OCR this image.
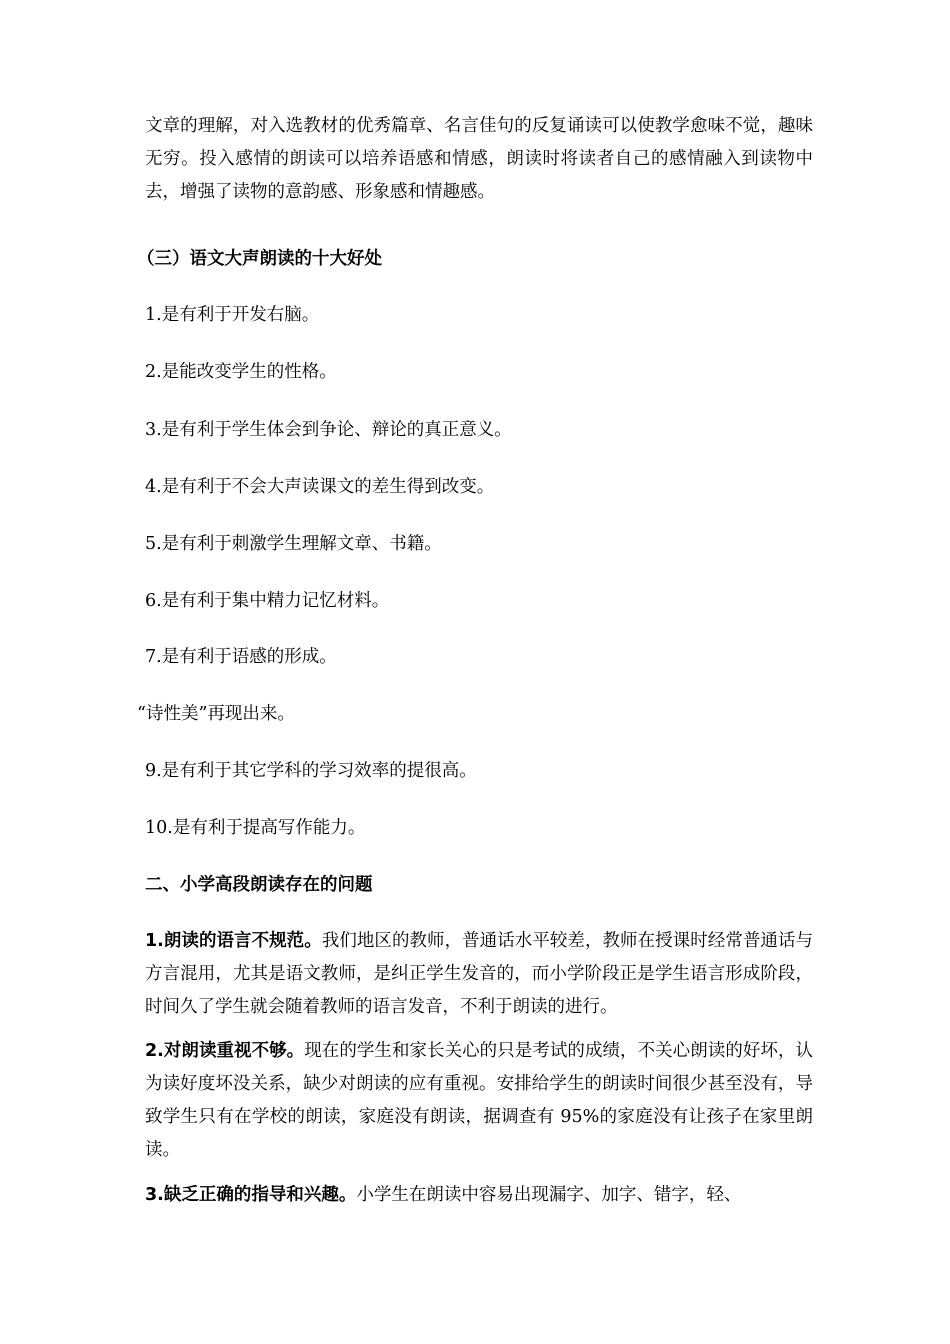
文章的理解，对入选教材的优秀篇章、名言佳句的反复诵读可以使教学愈味不觉，趣味无穷。投入感情的朗读可以培养语感和情感，朗读时将读者自己的感情融入到读物中去，增强了读物的意韵感、形象感和情趣感。
（三）语文大声朗读的十大好处
1.是有利于开发右脑。
2.是能改变学生的性格。
3.是有利于学生体会到争论、辩论的真正意义。
4.是有利于不会大声读课文的差生得到改变。
5.是有利于刺激学生理解文章、书籍。
6.是有利于集中精力记忆材料。
7.是有利于语感的形成。
“诗性美”再现出来。
9.是有利于其它学科的学习效率的提很高。
10.是有利于提高写作能力。
二、小学高段朗读存在的问题
1.朗读的语言不规范。我们地区的教师，普通话水平较差，教师在授课时经常普通话与方言混用，尤其是语文教师，是纠正学生发音的，而小学阶段正是学生语言形成阶段，时间久了学生就会随着教师的语言发音，不利于朗读的进行。
2.对朗读重视不够。现在的学生和家长关心的只是考试的成绩，不关心朗读的好坏，认为读好度坏没关系，缺少对朗读的应有重视。安排给学生的朗读时间很少甚至没有，导致学生只有在学校的朗读，家庭没有朗读，据调查有 95%的家庭没有让孩子在家里朗读。
3.缺乏正确的指导和兴趣。小学生在朗读中容易出现漏字、加字、错字，轻、
